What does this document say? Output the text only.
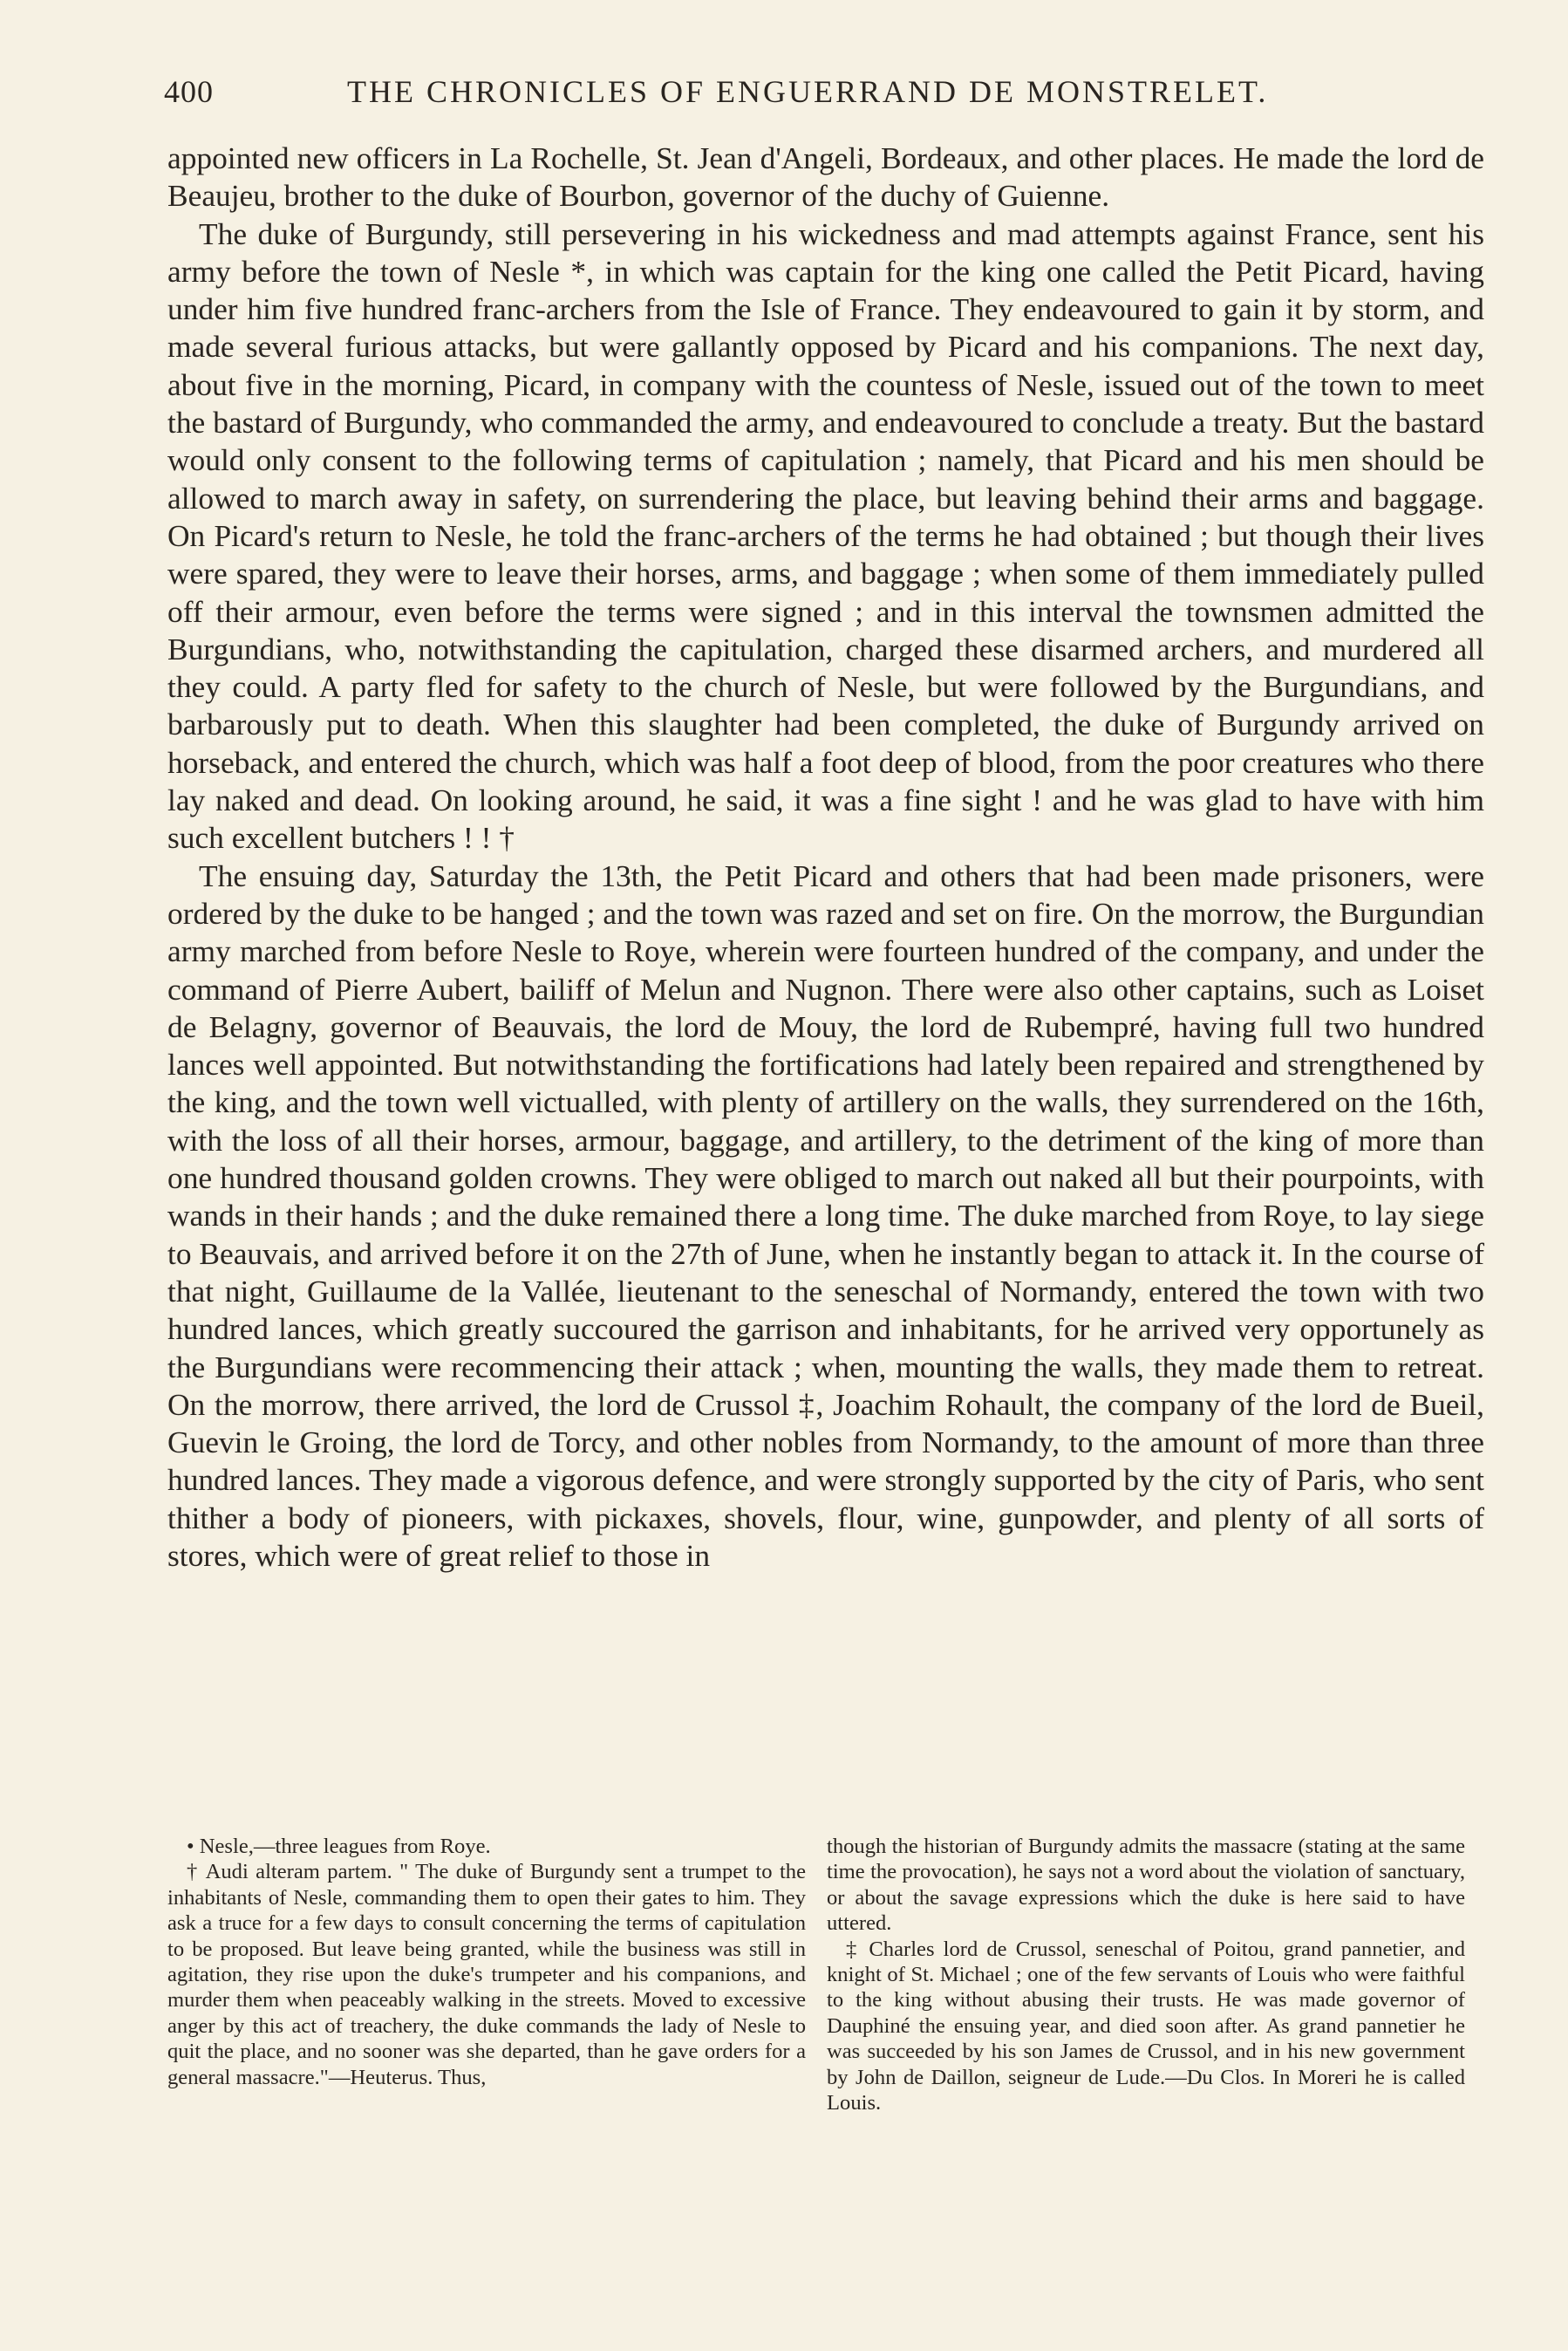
400	THE CHRONICLES OF ENGUERRAND DE MONSTRELET.

appointed new officers in La Rochelle, St. Jean d'Angeli, Bordeaux, and other places. He made the lord de Beaujeu, brother to the duke of Bourbon, governor of the duchy of Guienne.

The duke of Burgundy, still persevering in his wickedness and mad attempts against France, sent his army before the town of Nesle *, in which was captain for the king one called the Petit Picard, having under him five hundred franc-archers from the Isle of France. They endeavoured to gain it by storm, and made several furious attacks, but were gallantly opposed by Picard and his companions. The next day, about five in the morning, Picard, in company with the countess of Nesle, issued out of the town to meet the bastard of Burgundy, who commanded the army, and endeavoured to conclude a treaty. But the bastard would only consent to the following terms of capitulation ; namely, that Picard and his men should be allowed to march away in safety, on surrendering the place, but leaving behind their arms and baggage. On Picard's return to Nesle, he told the franc-archers of the terms he had obtained ; but though their lives were spared, they were to leave their horses, arms, and baggage ; when some of them immediately pulled off their armour, even before the terms were signed ; and in this interval the townsmen admitted the Burgundians, who, notwithstanding the capitulation, charged these disarmed archers, and murdered all they could. A party fled for safety to the church of Nesle, but were followed by the Burgundians, and barbarously put to death. When this slaughter had been completed, the duke of Burgundy arrived on horseback, and entered the church, which was half a foot deep of blood, from the poor creatures who there lay naked and dead. On looking around, he said, it was a fine sight ! and he was glad to have with him such excellent butchers ! ! †

The ensuing day, Saturday the 13th, the Petit Picard and others that had been made prisoners, were ordered by the duke to be hanged ; and the town was razed and set on fire. On the morrow, the Burgundian army marched from before Nesle to Roye, wherein were fourteen hundred of the company, and under the command of Pierre Aubert, bailiff of Melun and Nugnon. There were also other captains, such as Loiset de Belagny, governor of Beauvais, the lord de Mouy, the lord de Rubempré, having full two hundred lances well appointed. But notwithstanding the fortifications had lately been repaired and strengthened by the king, and the town well victualled, with plenty of artillery on the walls, they surrendered on the 16th, with the loss of all their horses, armour, baggage, and artillery, to the detriment of the king of more than one hundred thousand golden crowns. They were obliged to march out naked all but their pourpoints, with wands in their hands ; and the duke remained there a long time. The duke marched from Roye, to lay siege to Beauvais, and arrived before it on the 27th of June, when he instantly began to attack it. In the course of that night, Guillaume de la Vallée, lieutenant to the seneschal of Normandy, entered the town with two hundred lances, which greatly succoured the garrison and inhabitants, for he arrived very opportunely as the Burgundians were recommencing their attack ; when, mounting the walls, they made them to retreat. On the morrow, there arrived, the lord de Crussol ‡, Joachim Rohault, the company of the lord de Bueil, Guevin le Groing, the lord de Torcy, and other nobles from Normandy, to the amount of more than three hundred lances. They made a vigorous defence, and were strongly supported by the city of Paris, who sent thither a body of pioneers, with pickaxes, shovels, flour, wine, gunpowder, and plenty of all sorts of stores, which were of great relief to those in

• Nesle,—three leagues from Roye.

† Audi alteram partem. " The duke of Burgundy sent a trumpet to the inhabitants of Nesle, commanding them to open their gates to him. They ask a truce for a few days to consult concerning the terms of capitulation to be proposed. But leave being granted, while the business was still in agitation, they rise upon the duke's trumpeter and his companions, and murder them when peaceably walking in the streets. Moved to excessive anger by this act of treachery, the duke commands the lady of Nesle to quit the place, and no sooner was she departed, than he gave orders for a general massacre."—Heuterus. Thus,

though the historian of Burgundy admits the massacre (stating at the same time the provocation), he says not a word about the violation of sanctuary, or about the savage expressions which the duke is here said to have uttered.

‡ Charles lord de Crussol, seneschal of Poitou, grand pannetier, and knight of St. Michael ; one of the few servants of Louis who were faithful to the king without abusing their trusts. He was made governor of Dauphiné the ensuing year, and died soon after. As grand pannetier he was succeeded by his son James de Crussol, and in his new government by John de Daillon, seigneur de Lude.—Du Clos. In Moreri he is called Louis.
